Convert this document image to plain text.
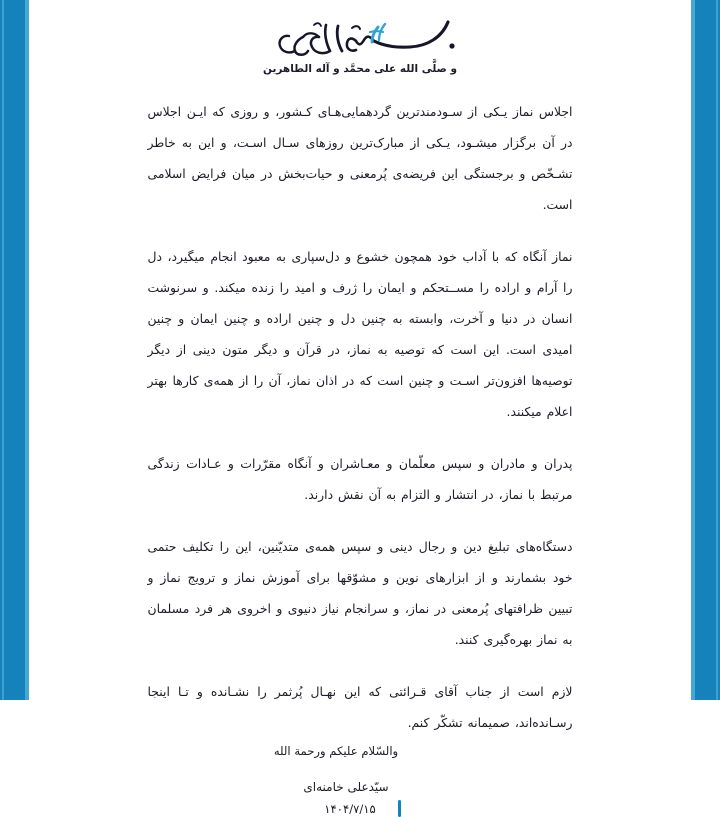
و صلَّی الله علی محمَّد و آله الطاهرین

اجلاس نماز یـکی از سـودمندترین گردهمایی‌هـای کـشور، و روزی که ایـن اجلاس در آن برگزار میشـود، یـکی از مبارک‌ترین روزهای سـال اسـت، و این به خاطر تشـخّص و برجستگی این فریضه‌ی پُرمعنی و حیات‌بخش در میان فرایض اسلامی است.

نماز آنگاه که با آداب خود همچون خشوع و دل‌سپاری به معبود انجام میگیرد، دل را آرام و اراده را مســتحکم و ایمان را ژرف و امید را زنده میکند. و سرنوشت انسان در دنیا و آخرت، وابسته به چنین دل و چنین اراده و چنین ایمان و چنین امیدی است. این است که توصیه به نماز، در قرآن و دیگر متون دینی از دیگر توصیه‌ها افزون‌تر اسـت و چنین است که در اذان نماز، آن را از همه‌ی کارها بهتر اعلام میکنند.

پدران و مادران و سپس معلّمان و معـاشران و آنگاه مقرّرات و عـادات زندگی مرتبط با نماز، در انتشار و التزام به آن نقش دارند.

دستگاه‌های تبلیغ دین و رجال دینی و سپس همه‌ی متدیّنین، این را تکلیف حتمی خود بشمارند و از ابزارهای نوین و مشوّقها برای آموزش نماز و ترویج نماز و تبیین ظرافتهای پُرمعنی در نماز، و سرانجام نیاز دنیوی و اخروی هر فرد مسلمان به نماز بهره‌گیری کنند.

لازم است از جناب آقای قـرائتی که این نهـال پُرثمر را نشـانده و تـا اینجا رسـانده‌اند، صمیمانه تشکّر کنم.

والسّلام علیکم ورحمة الله
سیّدعلی خامنه‌ای
۱۴۰۴/۷/۱۵
